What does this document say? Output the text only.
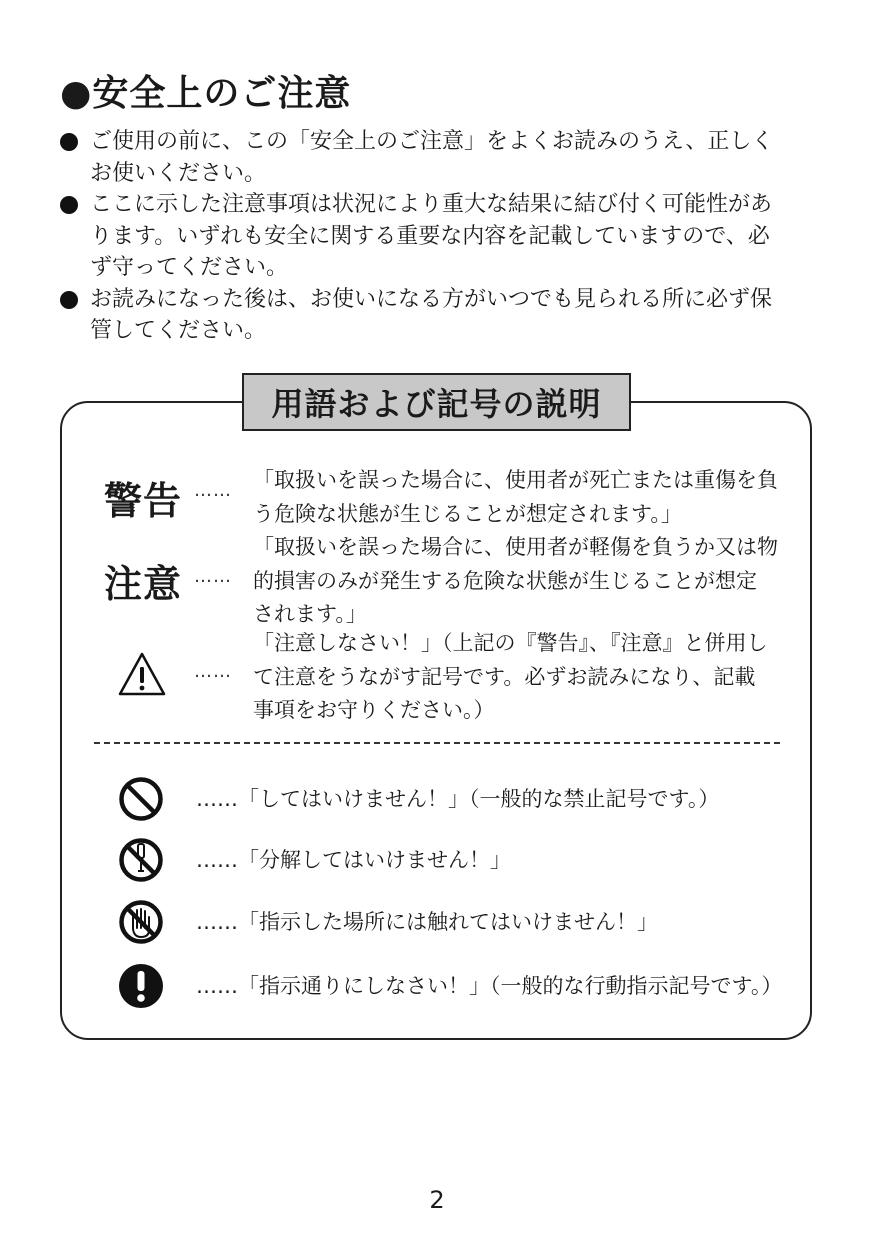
●安全上のご注意
ご使用の前に、この「安全上のご注意」をよくお読みのうえ、正しく
お使いください。
ここに示した注意事項は状況により重大な結果に結び付く可能性があ
ります。いずれも安全に関する重要な内容を記載していますので、必
ず守ってください。
お読みになった後は、お使いになる方がいつでも見られる所に必ず保
管してください。
用語および記号の説明
警告 …… 「取扱いを誤った場合に、使用者が死亡または重傷を負
う危険な状態が生じることが想定されます。」
注意 ……
「取扱いを誤った場合に、使用者が軽傷を負うか又は物
的損害のみが発生する危険な状態が生じることが想定
されます。」
……
「注意しなさい！」（上記の『警告』、『注意』と併用し
て注意をうながす記号です。必ずお読みになり、記載
事項をお守りください。）
……「してはいけません！」（一般的な禁止記号です。）
……「分解してはいけません！」
……「指示した場所には触れてはいけません！」
……「指示通りにしなさい！」（一般的な行動指示記号です。）
2
